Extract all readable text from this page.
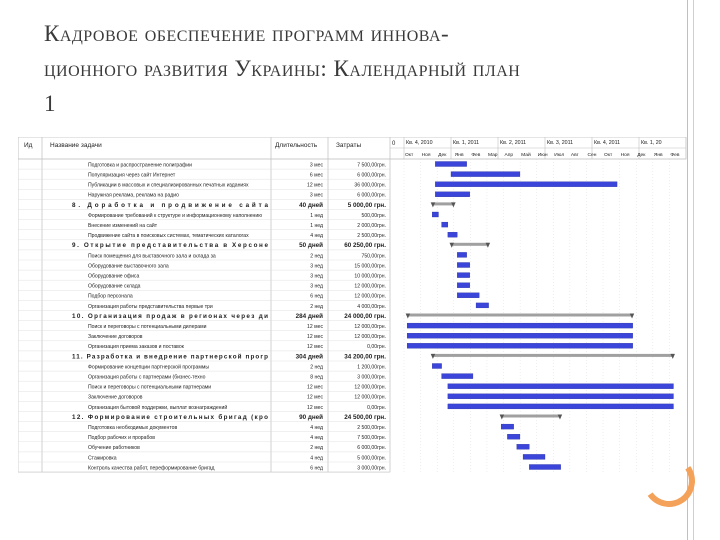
Кадровое обеспечение программ иннова-
ционного развития Украины: Календарный план
1
Ид	Название задачи	Длительность	Затраты	0 Кв. 4, 2010	Кв. 1, 2011	Кв. 2, 2011	Кв. 3, 2011	Кв. 4, 2011	Кв. 1, 20
Окт Ноя Дек Янв Фев Мар Апр Май Июн Июл Авг Сен Окт Ноя Дек Янв Фев
Подготовка и распространение полиграфии	3 мес	7 500,00грн.
Популяризация через сайт Интернет	6 мес	6 000,00грн.
Публикации в массовых и специализированных печатных изданиях	12 мес	36 000,00грн.
Наружная реклама, реклама на радио	3 мес	6 000,00грн.
8. Доработка и продвижение сайта	40 дней	5 000,00 грн.
Формирование требований к структуре и информационному наполнению	1 нед	500,00грн.
Внесение изменений на сайт	1 нед	2 000,00грн.
Продвижение сайта в поисковых системах, тематических каталогах	4 нед	2 500,00грн.
9. Открытие представительства в Херсоне	50 дней	60 250,00 грн.
Поиск помещения для выставочного зала и склада за	2 нед	750,00грн.
Оборудование выставочного зала	3 нед	15 000,00грн.
Оборудование офиса	3 нед	10 000,00грн.
Оборудование склада	3 нед	12 000,00грн.
Подбор персонала	6 нед	12 000,00грн.
Организация работы представительства первые три	2 нед	4 000,00грн.
10. Организация продаж в регионах через ди	284 дней	24 000,00 грн.
Поиск и переговоры с потенциальными дилерами	12 мес	12 000,00грн.
Заключение договоров	12 мес	12 000,00грн.
Организация приема заказов и поставок	12 мес	0,00грн.
11. Разработка и внедрение партнерской прогр	304 дней	34 200,00 грн.
Формирование концепции партнерской программы	2 нед	1 200,00грн.
Организация работы с партнерами (бизнес-техно	8 нед	3 000,00грн.
Поиск и переговоры с потенциальными партнерами	12 мес	12 000,00грн.
Заключение договоров	12 мес	12 000,00грн.
Организация бытовой поддержки, выплат вознаграждений	12 мес	0,00грн.
12. Формирование строительных бригад (кро	90 дней	24 500,00 грн.
Подготовка необходимых документов	4 нед	2 500,00грн.
Подбор рабочих и прорабов	4 нед	7 500,00грн.
Обучение работников	2 нед	6 000,00грн.
Стажировка	4 нед	5 000,00грн.
Контроль качества работ, переформирование бригад	6 нед	3 000,00грн.
